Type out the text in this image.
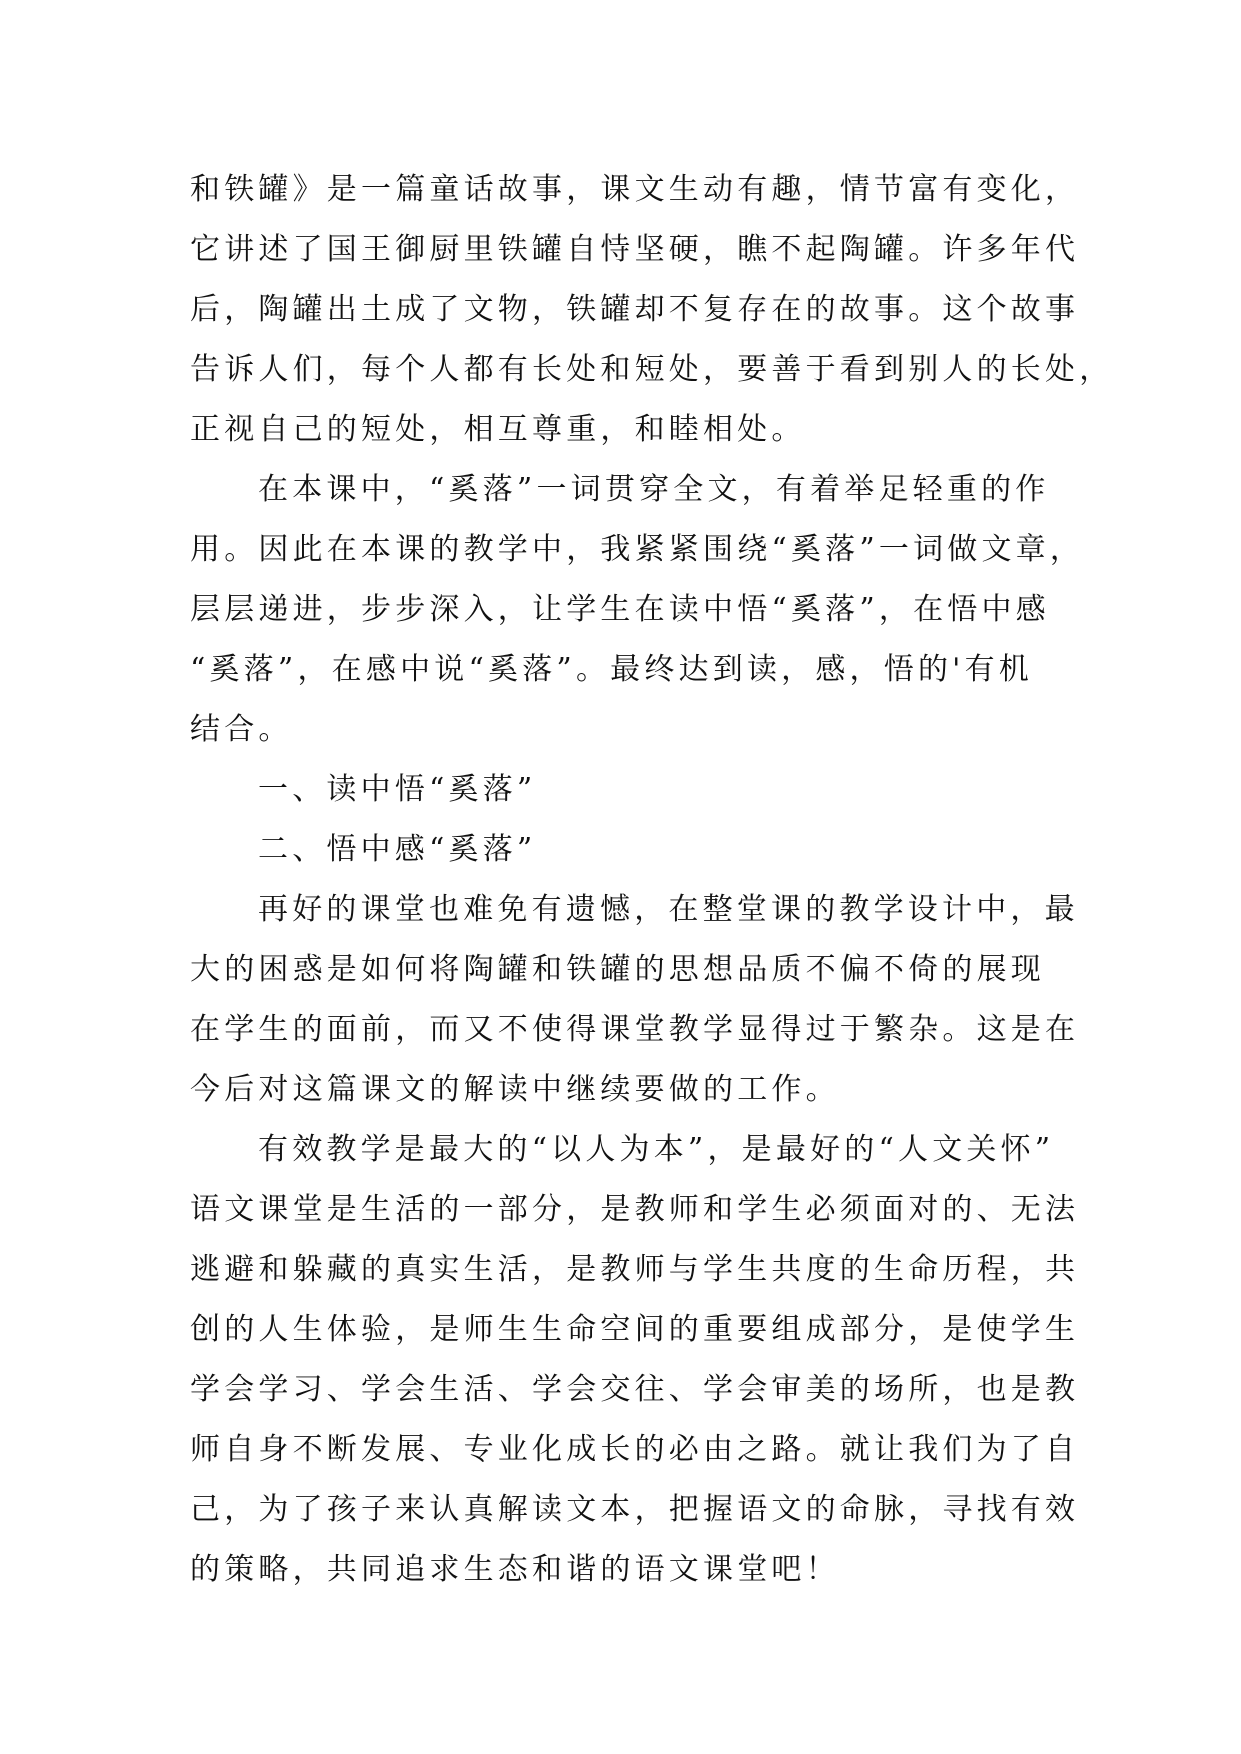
和铁罐》是一篇童话故事，课文生动有趣，情节富有变化，
它讲述了国王御厨里铁罐自恃坚硬，瞧不起陶罐。许多年代
后，陶罐出土成了文物，铁罐却不复存在的故事。这个故事
告诉人们，每个人都有长处和短处，要善于看到别人的长处，
正视自己的短处，相互尊重，和睦相处。
在本课中，“奚落”一词贯穿全文，有着举足轻重的作
用。因此在本课的教学中，我紧紧围绕“奚落”一词做文章，
层层递进，步步深入，让学生在读中悟“奚落”，在悟中感
“奚落”，在感中说“奚落”。最终达到读，感，悟的'有机
结合。
一、读中悟“奚落”
二、悟中感“奚落”
再好的课堂也难免有遗憾，在整堂课的教学设计中，最
大的困惑是如何将陶罐和铁罐的思想品质不偏不倚的展现
在学生的面前，而又不使得课堂教学显得过于繁杂。这是在
今后对这篇课文的解读中继续要做的工作。
有效教学是最大的“以人为本”，是最好的“人文关怀”
语文课堂是生活的一部分，是教师和学生必须面对的、无法
逃避和躲藏的真实生活，是教师与学生共度的生命历程，共
创的人生体验，是师生生命空间的重要组成部分，是使学生
学会学习、学会生活、学会交往、学会审美的场所，也是教
师自身不断发展、专业化成长的必由之路。就让我们为了自
己，为了孩子来认真解读文本，把握语文的命脉，寻找有效
的策略，共同追求生态和谐的语文课堂吧！
